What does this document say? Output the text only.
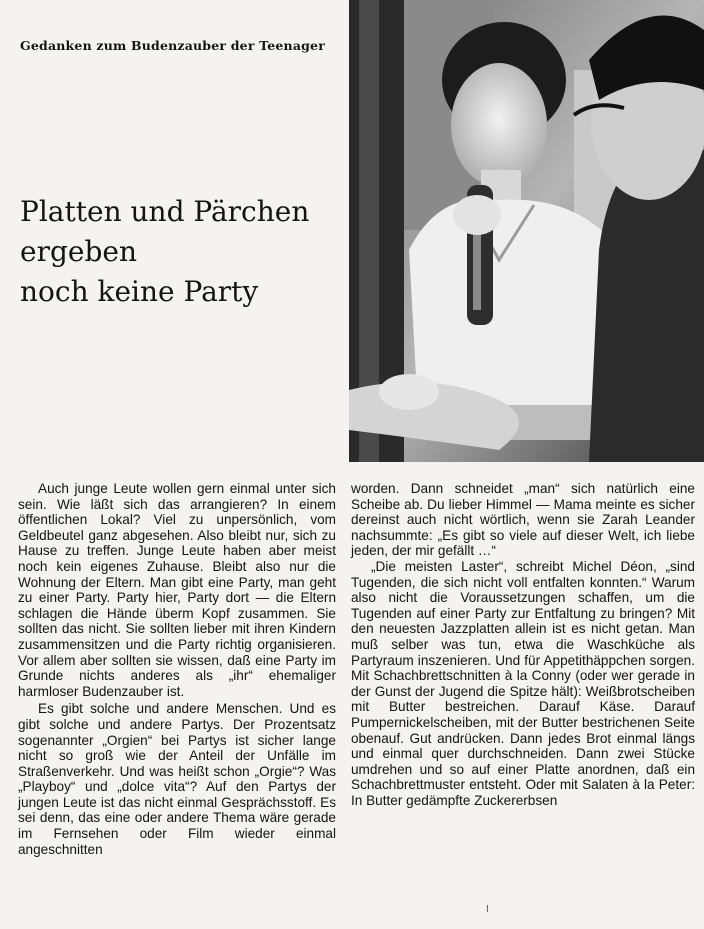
Gedanken zum Budenzauber der Teenager
Platten und Pärchen
ergeben
noch keine Party

Auch junge Leute wollen gern einmal unter sich sein. Wie läßt sich das arrangieren? In einem öffentlichen Lokal? Viel zu unpersönlich, vom Geldbeutel ganz abgesehen. Also bleibt nur, sich zu Hause zu treffen. Junge Leute haben aber meist noch kein eigenes Zuhause. Bleibt also nur die Wohnung der Eltern. Man gibt eine Party, man geht zu einer Party. Party hier, Party dort — die Eltern schlagen die Hände überm Kopf zusammen. Sie sollten das nicht. Sie sollten lieber mit ihren Kindern zusammensitzen und die Party richtig organisieren. Vor allem aber sollten sie wissen, daß eine Party im Grunde nichts anderes als „ihr“ ehemaliger harmloser Budenzauber ist.

Es gibt solche und andere Menschen. Und es gibt solche und andere Partys. Der Prozentsatz sogenannter „Orgien“ bei Partys ist sicher lange nicht so groß wie der Anteil der Unfälle im Straßenverkehr. Und was heißt schon „Orgie“? Was „Playboy“ und „dolce vita“? Auf den Partys der jungen Leute ist das nicht einmal Gesprächsstoff. Es sei denn, das eine oder andere Thema wäre gerade im Fernsehen oder Film wieder einmal angeschnitten

worden. Dann schneidet „man“ sich natürlich eine Scheibe ab. Du lieber Himmel — Mama meinte es sicher dereinst auch nicht wörtlich, wenn sie Zarah Leander nachsummte: „Es gibt so viele auf dieser Welt, ich liebe jeden, der mir gefällt …“

„Die meisten Laster“, schreibt Michel Déon, „sind Tugenden, die sich nicht voll entfalten konnten.“ Warum also nicht die Voraussetzungen schaffen, um die Tugenden auf einer Party zur Entfaltung zu bringen? Mit den neuesten Jazzplatten allein ist es nicht getan. Man muß selber was tun, etwa die Waschküche als Partyraum inszenieren. Und für Appetithäppchen sorgen. Mit Schachbrettschnitten à la Conny (oder wer gerade in der Gunst der Jugend die Spitze hält): Weißbrotscheiben mit Butter bestreichen. Darauf Käse. Darauf Pumpernickelscheiben, mit der Butter bestrichenen Seite obenauf. Gut andrücken. Dann jedes Brot einmal längs und einmal quer durchschneiden. Dann zwei Stücke umdrehen und so auf einer Platte anordnen, daß ein Schachbrettmuster entsteht. Oder mit Salaten à la Peter: In Butter gedämpfte Zuckererbsen

I
